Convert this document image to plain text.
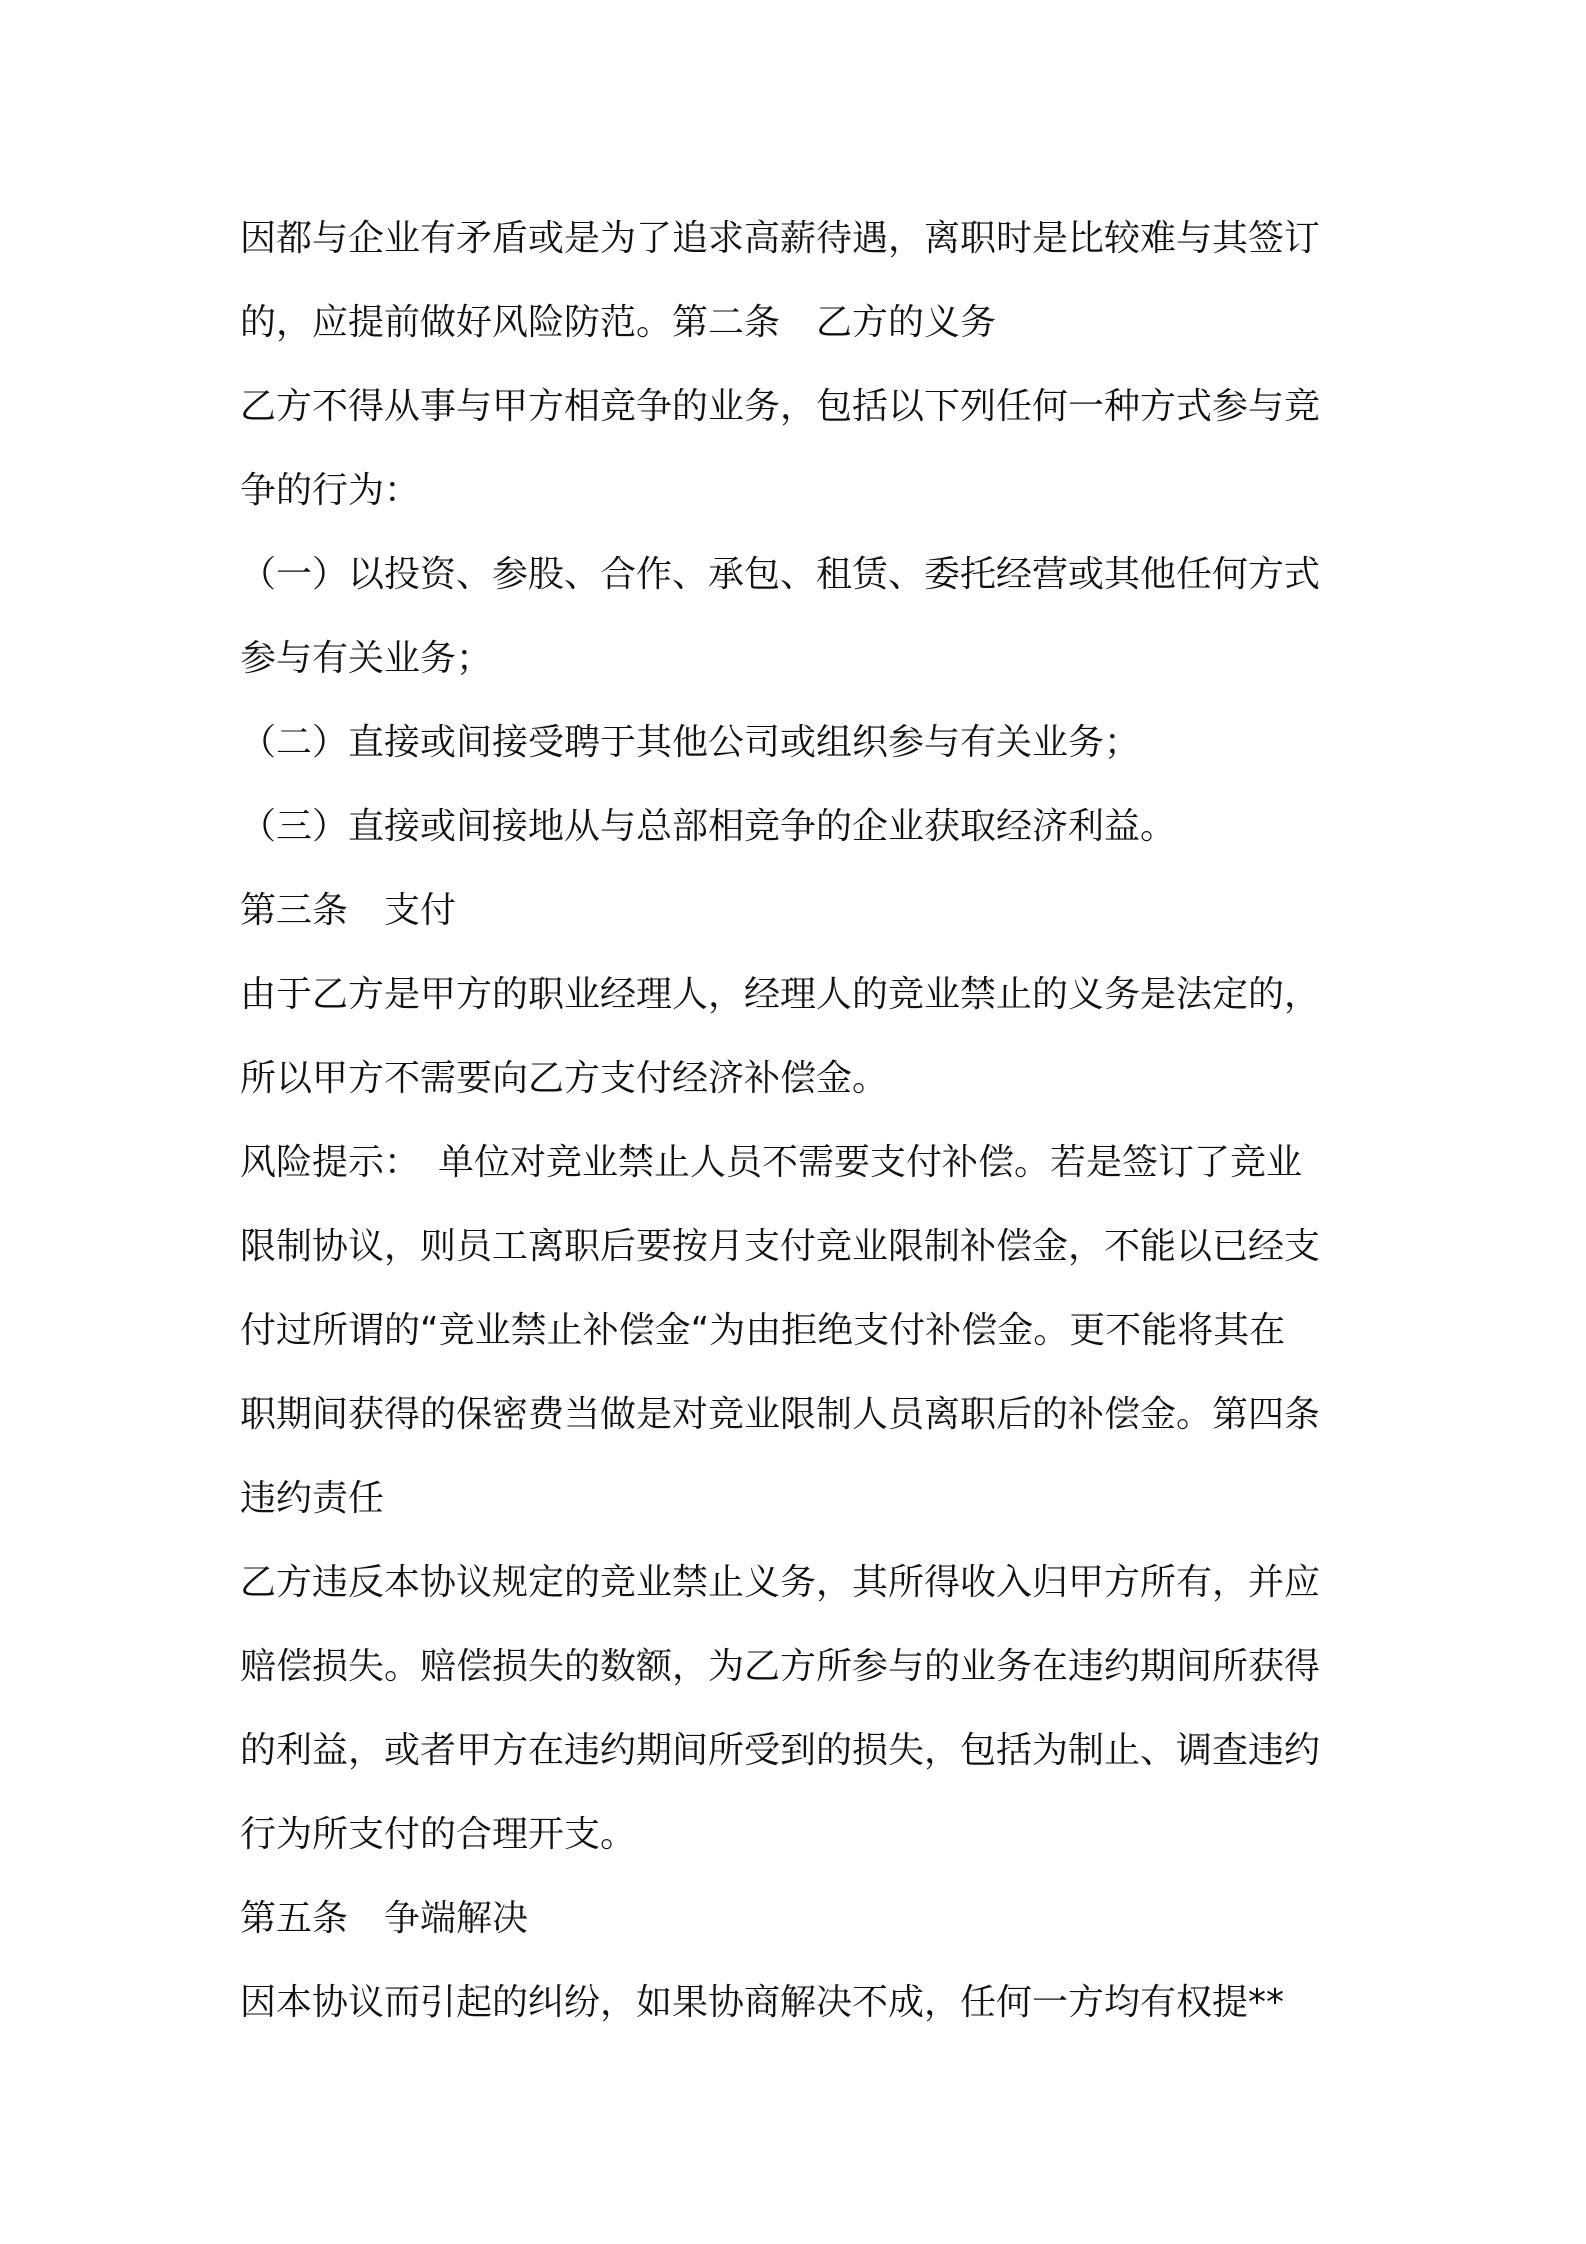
因都与企业有矛盾或是为了追求高薪待遇，离职时是比较难与其签订
的，应提前做好风险防范。第二条　乙方的义务
乙方不得从事与甲方相竞争的业务，包括以下列任何一种方式参与竞
争的行为：
（一）以投资、参股、合作、承包、租赁、委托经营或其他任何方式
参与有关业务；
（二）直接或间接受聘于其他公司或组织参与有关业务；
（三）直接或间接地从与总部相竞争的企业获取经济利益。
第三条　支付
由于乙方是甲方的职业经理人，经理人的竞业禁止的义务是法定的，
所以甲方不需要向乙方支付经济补偿金。
风险提示：　单位对竞业禁止人员不需要支付补偿。若是签订了竞业
限制协议，则员工离职后要按月支付竞业限制补偿金，不能以已经支
付过所谓的“竞业禁止补偿金“为由拒绝支付补偿金。更不能将其在
职期间获得的保密费当做是对竞业限制人员离职后的补偿金。第四条
违约责任
乙方违反本协议规定的竞业禁止义务，其所得收入归甲方所有，并应
赔偿损失。赔偿损失的数额，为乙方所参与的业务在违约期间所获得
的利益，或者甲方在违约期间所受到的损失，包括为制止、调查违约
行为所支付的合理开支。
第五条　争端解决
因本协议而引起的纠纷，如果协商解决不成，任何一方均有权提**
